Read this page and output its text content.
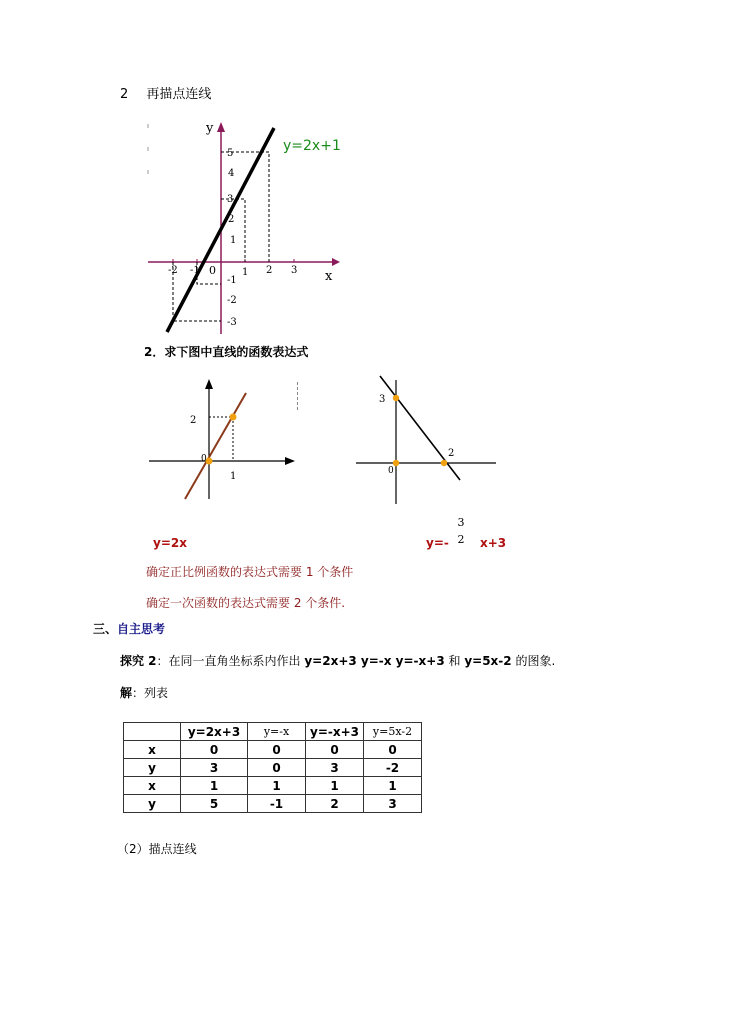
2 再描点连线
y
x
0
-2 -1	1 2 3
5
4
3
2
1
-1
-2
-3
y=2x+1
2．求下图中直线的函数表达式
2
1
0
3
2
0
y=2x	y=-
3
2 x+3
确定正比例函数的表达式需要 1 个条件
确定一次函数的表达式需要 2 个条件.
三、自主思考
探究 2：在同一直角坐标系内作出 y=2x+3 y=-x y=-x+3 和 y=5x-2 的图象.
解：列表
	y=2x+3	y=-x	y=-x+3	y=5x-2
x	0	0	0	0
y	3	0	3	-2
x	1	1	1	1
y	5	-1	2	3
（2）描点连线
